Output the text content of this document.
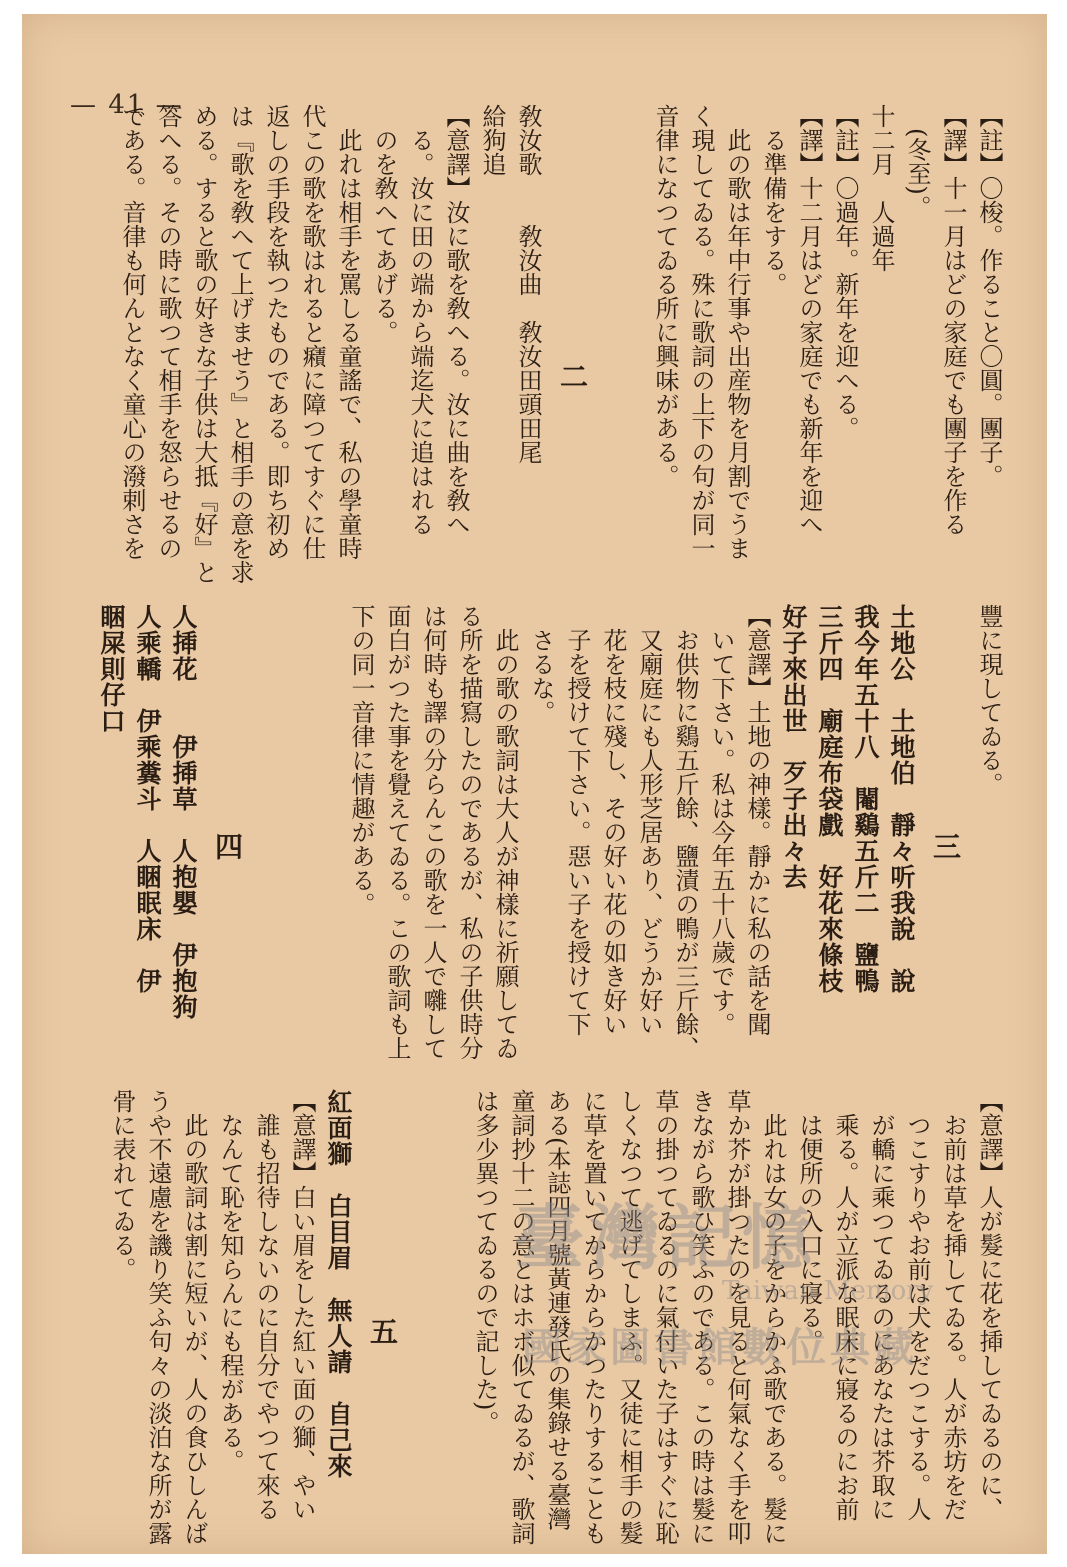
— 41 —	【註】〇梭。作ること〇圓。團子。
【譯】十一月はどの家庭でも團子を作る
　(冬至)。
十二月　人過年
【註】〇過年。新年を迎へる。
【譯】十二月はどの家庭でも新年を迎へ
　る準備をする。
　此の歌は年中行事や出産物を月割でうま
く現してゐる。殊に歌詞の上下の句が同一
音律になつてゐる所に興味がある。
二
敎汝歌　　敎汝曲　敎汝田頭田尾
給狗追
【意譯】汝に歌を敎へる。汝に曲を敎へ
　る。汝に田の端から端迄犬に追はれる
　のを敎へてあげる。
　此れは相手を罵しる童謠で、私の學童時
代この歌を歌はれると癪に障つてすぐに仕
返しの手段を執つたものである。即ち初め
は『歌を敎へて上げませう』と相手の意を求
める。すると歌の好きな子供は大抵『好』と
答へる。その時に歌つて相手を怒らせるの
である。音律も何んとなく童心の潑剌さを
豐に現してゐる。
三
土地公　土地伯　靜々听我說　說
我今年五十八　閹鷄五斤二　鹽鴨
三斤四　廟庭布袋戲　好花來條枝
好子來出世　歹子出々去
【意譯】土地の神樣。靜かに私の話を聞
　いて下さい。私は今年五十八歲です。
　お供物に鷄五斤餘、鹽漬の鴨が三斤餘、
　又廟庭にも人形芝居あり、どうか好い
　花を枝に殘し、その好い花の如き好い
　子を授けて下さい。惡い子を授けて下
　さるな。
　此の歌の歌詞は大人が神樣に祈願してゐ
る所を描寫したのであるが、私の子供時分
は何時も譯の分らんこの歌を一人で囃して
面白がつた事を覺えてゐる。この歌詞も上
下の同一音律に情趣がある。
四
人揷花　　伊揷草　人抱嬰　伊抱狗
人乘轎　伊乘糞斗　人睏眠床　伊
睏屎則仔口
【意譯】人が髮に花を揷してゐるのに、
　お前は草を揷してゐる。人が赤坊をだ
　つこすりやお前は犬をだつこする。人
　が轎に乘つてゐるのにあなたは芥取に
　乘る。人が立派な眠床に寢るのにお前
　は便所の入口に寢る。
　此れは女の子をからかふ歌である。髮に
草か芥が掛つたのを見ると何氣なく手を叩
きながら歌ひ笑ふのである。この時は髮に
草の掛つてゐるのに氣付いた子はすぐに恥
しくなつて逃げてしまふ。又徒に相手の髮
に草を置いてからからかつたりすることも
ある(本誌四月號黃連發氏の集錄せる臺灣
童詞抄十二の意とはホボ似てゐるが、歌詞
は多少異つてゐるので記した)。
五
紅面獅　白目眉　無人請　自己來
【意譯】白い眉をした紅い面の獅、やい
　誰も招待しないのに自分でやつて來る
　なんて恥を知らんにも程がある。
　此の歌詞は割に短いが、人の食ひしんば
うや不遠慮を譏り笑ふ句々の淡泊な所が露
骨に表れてゐる。	臺灣記憶
Taiwan Memory
國家圖書館數位典藏
